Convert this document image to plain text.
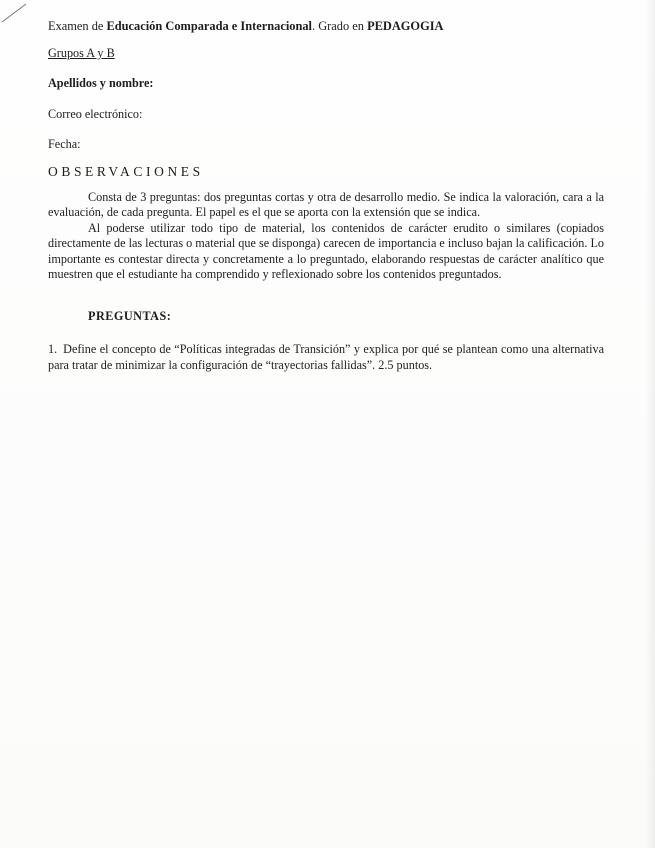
Examen de Educación Comparada e Internacional. Grado en PEDAGOGIA
Grupos A y B
Apellidos y nombre:
Correo electrónico:
Fecha:
OBSERVACIONES

Consta de 3 preguntas: dos preguntas cortas y otra de desarrollo medio. Se indica la valoración, cara a la evaluación, de cada pregunta. El papel es el que se aporta con la extensión que se indica.

Al poderse utilizar todo tipo de material, los contenidos de carácter erudito o similares (copiados directamente de las lecturas o material que se disponga) carecen de importancia e incluso bajan la calificación. Lo importante es contestar directa y concretamente a lo preguntado, elaborando respuestas de carácter analítico que muestren que el estudiante ha comprendido y reflexionado sobre los contenidos preguntados.

PREGUNTAS:

1. Define el concepto de “Políticas integradas de Transición” y explica por qué se plantean como una alternativa para tratar de minimizar la configuración de “trayectorias fallidas”. 2.5 puntos.
